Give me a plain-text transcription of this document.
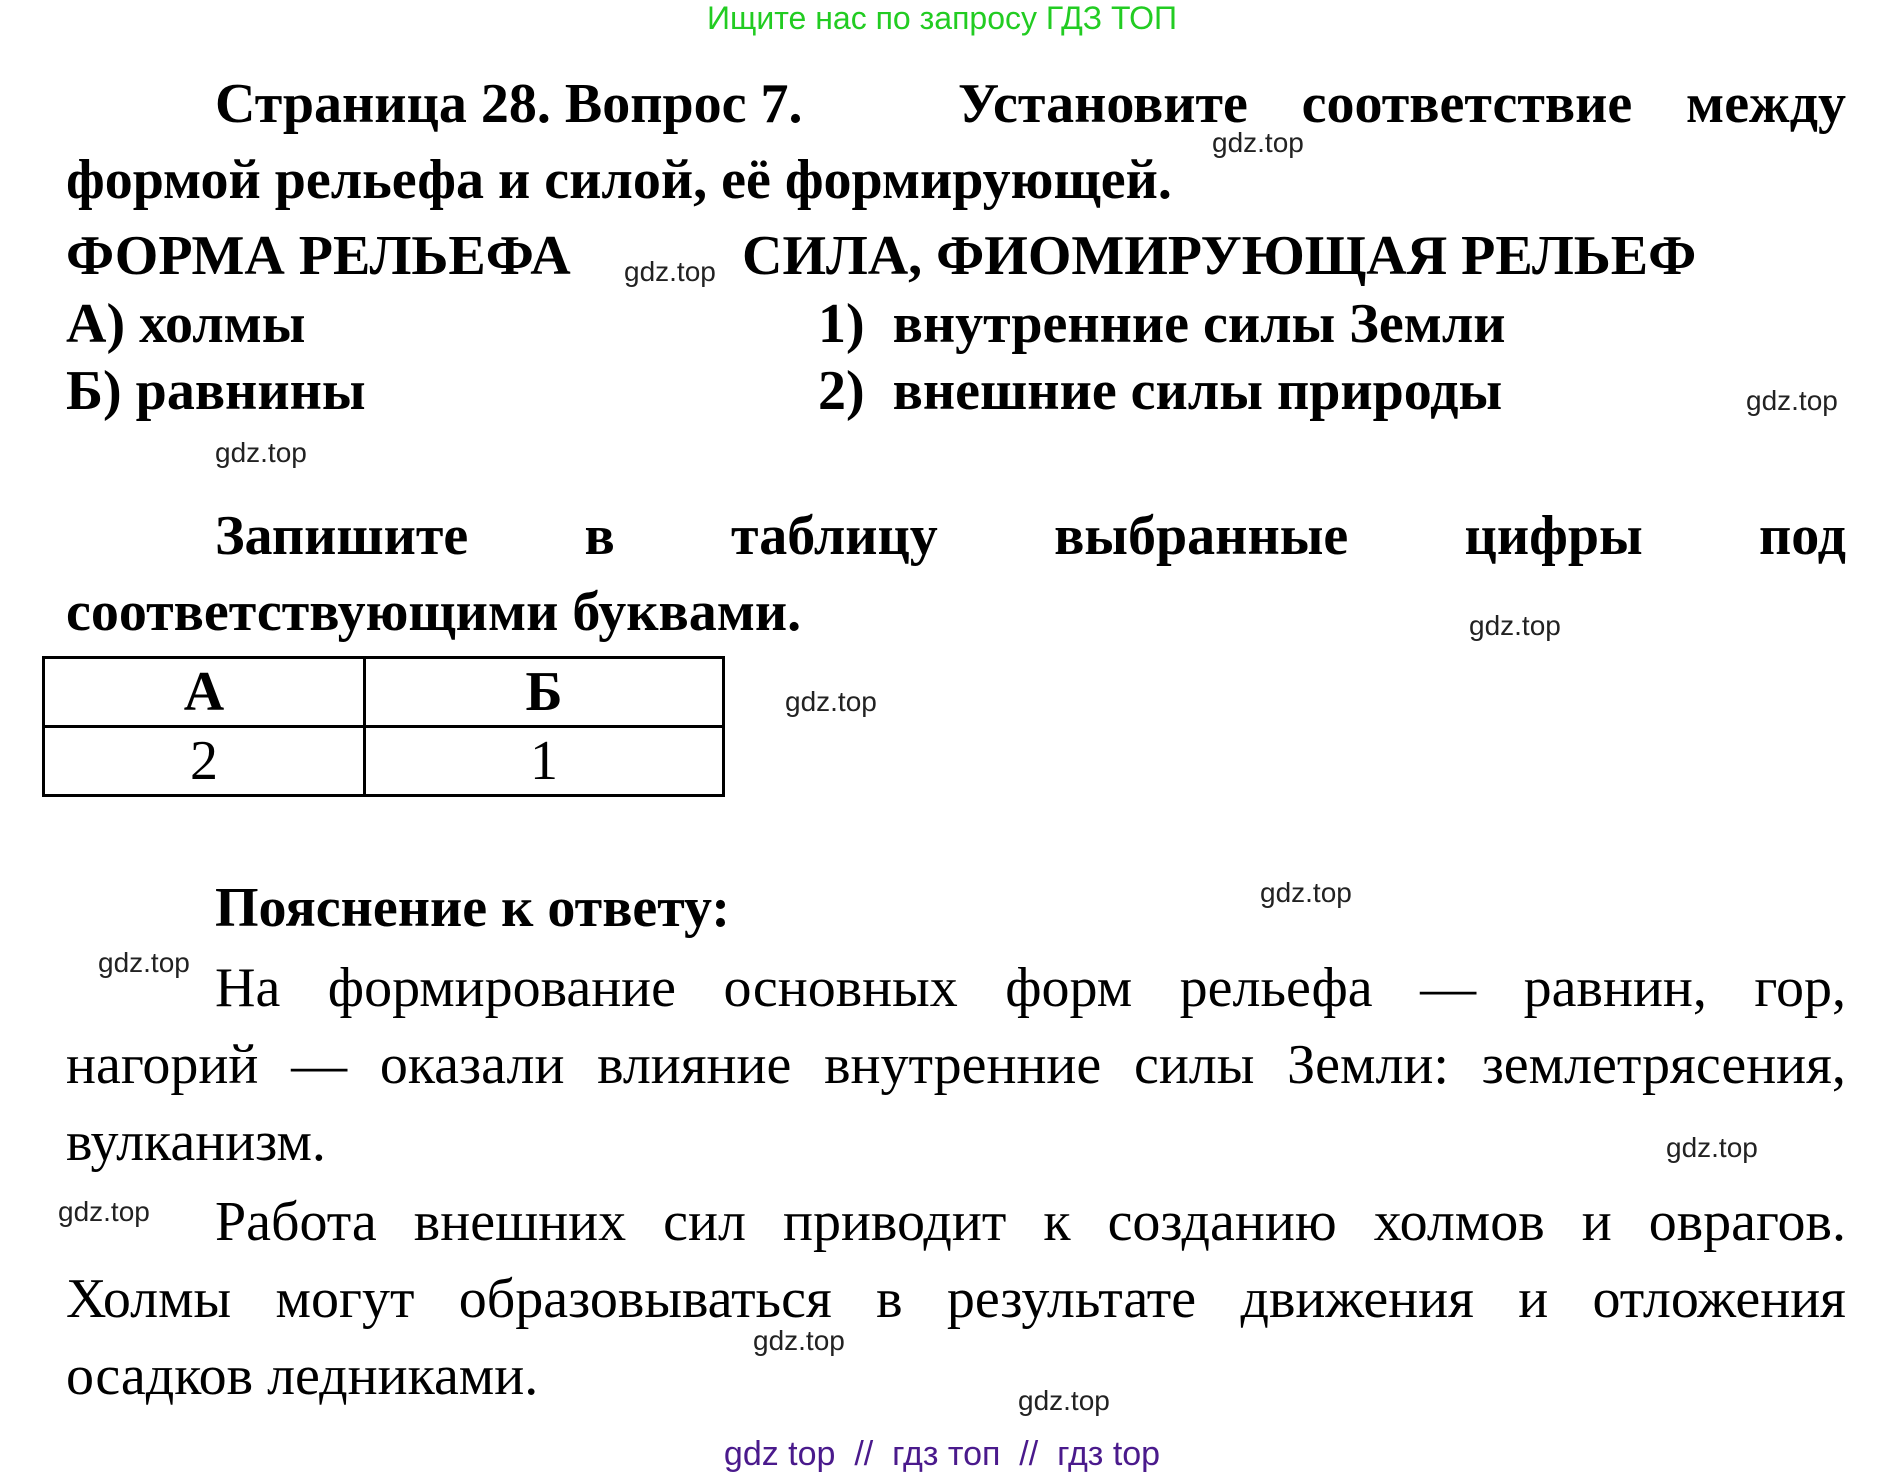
Ищите нас по запросу ГДЗ ТОП
Страница 28. Вопрос 7.	Установите соответствие между
формой рельефа и силой, её формирующей.
ФОРМА РЕЛЬЕФА	СИЛА, ФИОМИРУЮЩАЯ РЕЛЬЕФ
А) холмы
Б) равнины
1) внутренние силы Земли
2) внешние силы природы
Запишите в таблицу выбранные цифры под
соответствующими буквами.
А	Б
2	1
Пояснение к ответу:
На формирование основных форм рельефа — равнин, гор,
нагорий — оказали влияние внутренние силы Земли: землетрясения,
вулканизм.
Работа внешних сил приводит к созданию холмов и оврагов.
Холмы могут образовываться в результате движения и отложения
осадков ледниками.
gdz.top
gdz.top
gdz.top
gdz.top
gdz.top
gdz.top
gdz.top
gdz.top
gdz.top
gdz.top
gdz.top
gdz.top
gdz top  //  гдз топ  //  гдз top
